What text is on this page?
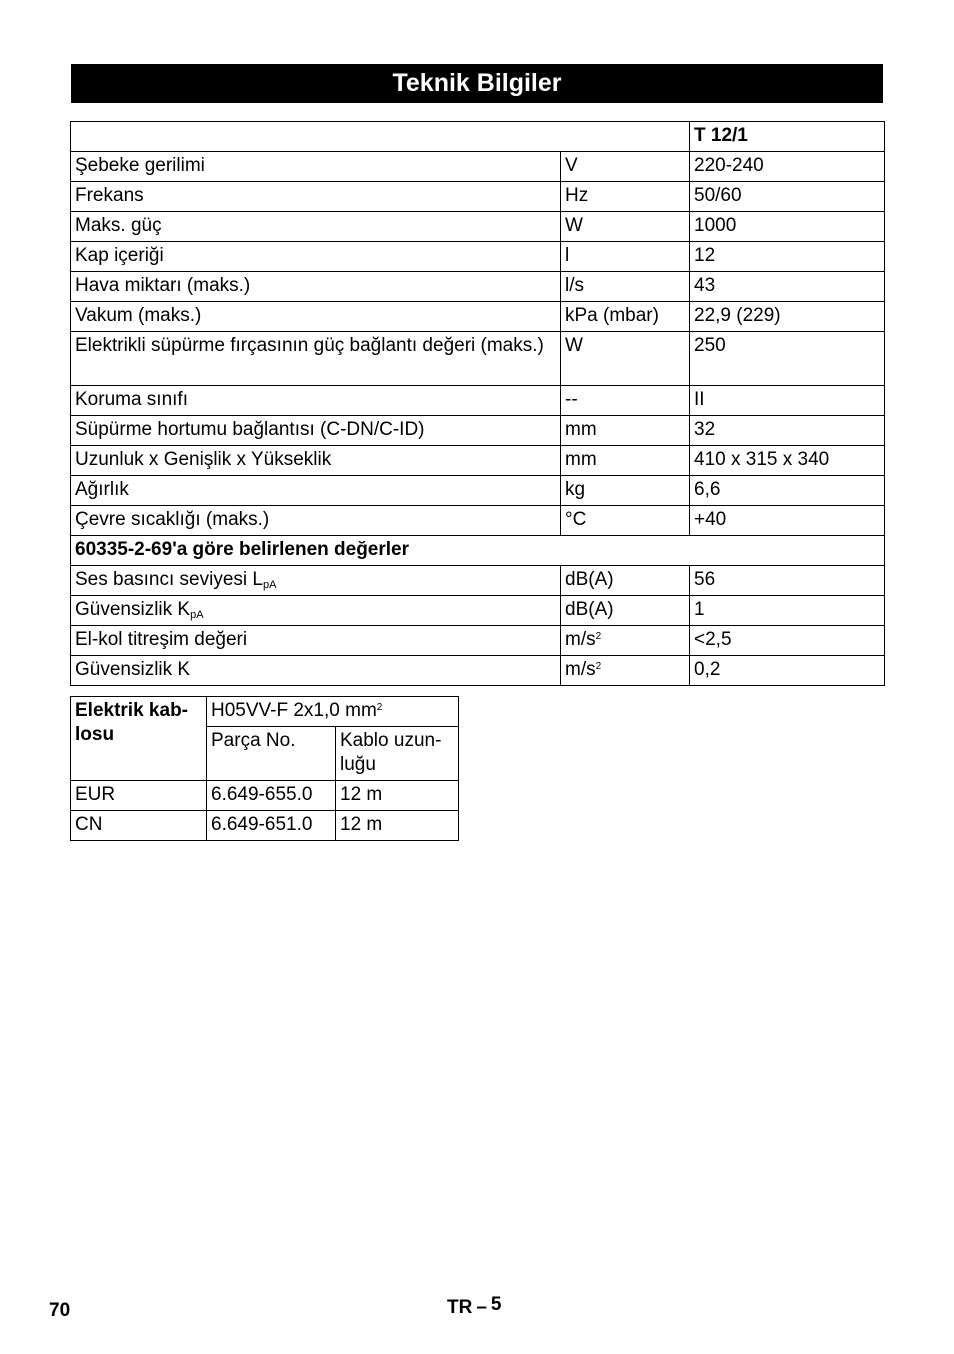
Teknik Bilgiler
		T 12/1
Şebeke gerilimi	V	220-240
Frekans	Hz	50/60
Maks. güç	W	1000
Kap içeriği	l	12
Hava miktarı (maks.)	l/s	43
Vakum (maks.)	kPa (mbar)	22,9 (229)
Elektrikli süpürme fırçasının güç bağlantı değeri (maks.)	W	250
Koruma sınıfı	--	II
Süpürme hortumu bağlantısı (C-DN/C-ID)	mm	32
Uzunluk x Genişlik x Yükseklik	mm	410 x 315 x 340
Ağırlık	kg	6,6
Çevre sıcaklığı (maks.)	°C	+40
60335-2-69'a göre belirlenen değerler		
Ses basıncı seviyesi $L_{pA}$	dB(A)	56
Güvensizlik $K_{pA}$	dB(A)	1
El-kol titreşim değeri	$m/s^2$	<2,5
Güvensizlik K	$m/s^2$	0,2
Elektrik kab-
losu	H05VV-F 2x1,0 $mm^2$
	Parça No.	Kablo uzun-
luğu
EUR	6.649-655.0	12 m
CN	6.649-651.0	12 m
70	TR – 5
